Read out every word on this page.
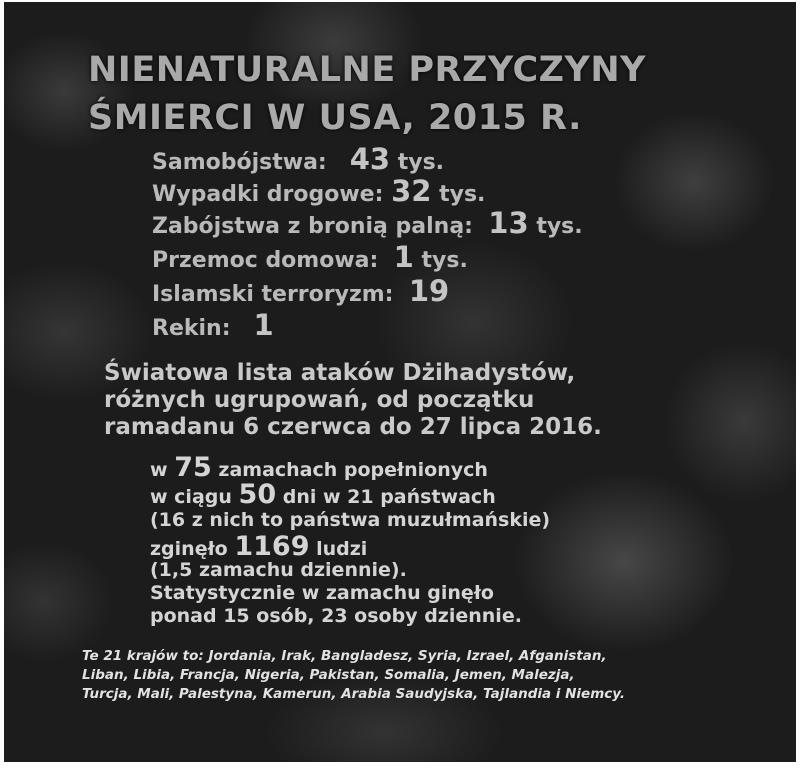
NIENATURALNE PRZYCZYNY
ŚMIERCI W USA, 2015 R.
Samobójstwa: 43 tys.
Wypadki drogowe: 32 tys.
Zabójstwa z bronią palną: 13 tys.
Przemoc domowa: 1 tys.
Islamski terroryzm: 19
Rekin: 1
Światowa lista ataków Dżihadystów,
różnych ugrupowań, od początku
ramadanu 6 czerwca do 27 lipca 2016.
w 75 zamachach popełnionych
w ciągu 50 dni w 21 państwach
(16 z nich to państwa muzułmańskie)
zginęło 1169 ludzi
(1,5 zamachu dziennie).
Statystycznie w zamachu ginęło
ponad 15 osób, 23 osoby dziennie.
Te 21 krajów to: Jordania, Irak, Bangladesz, Syria, Izrael, Afganistan,
Liban, Libia, Francja, Nigeria, Pakistan, Somalia, Jemen, Malezja,
Turcja, Mali, Palestyna, Kamerun, Arabia Saudyjska, Tajlandia i Niemcy.
